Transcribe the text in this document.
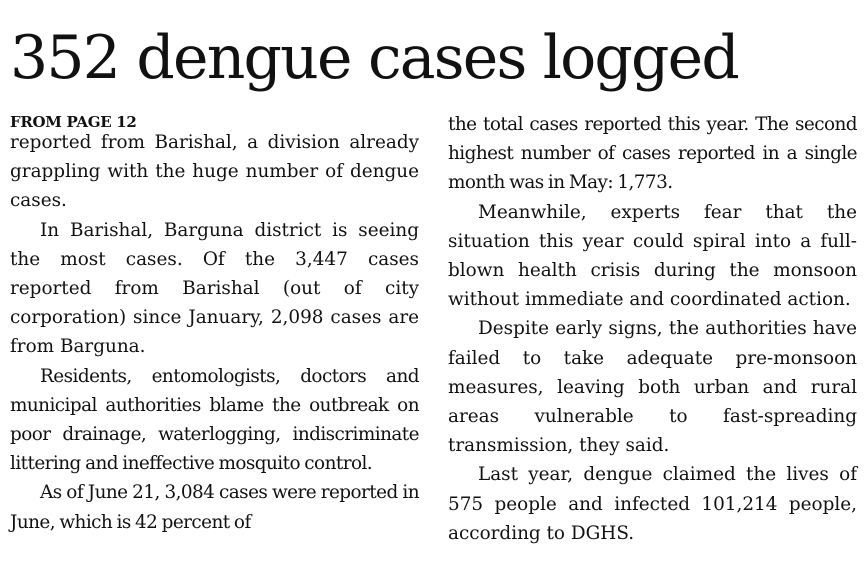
352 dengue cases logged
FROM PAGE 12

reported from Barishal, a division already grappling with the huge number of dengue cases.

In Barishal, Barguna district is seeing the most cases. Of the 3,447 cases reported from Barishal (out of city corporation) since January, 2,098 cases are from Barguna.

Residents, entomologists, doctors and municipal authorities blame the outbreak on poor drainage, waterlogging, indiscriminate littering and ineffective mosquito control.

As of June 21, 3,084 cases were reported in June, which is 42 percent of

the total cases reported this year. The second highest number of cases reported in a single month was in May: 1,773.

Meanwhile, experts fear that the situation this year could spiral into a full-blown health crisis during the monsoon without immediate and coordinated action.

Despite early signs, the authorities have failed to take adequate pre-monsoon measures, leaving both urban and rural areas vulnerable to fast-spreading transmission, they said.

Last year, dengue claimed the lives of 575 people and infected 101,214 people, according to DGHS.
